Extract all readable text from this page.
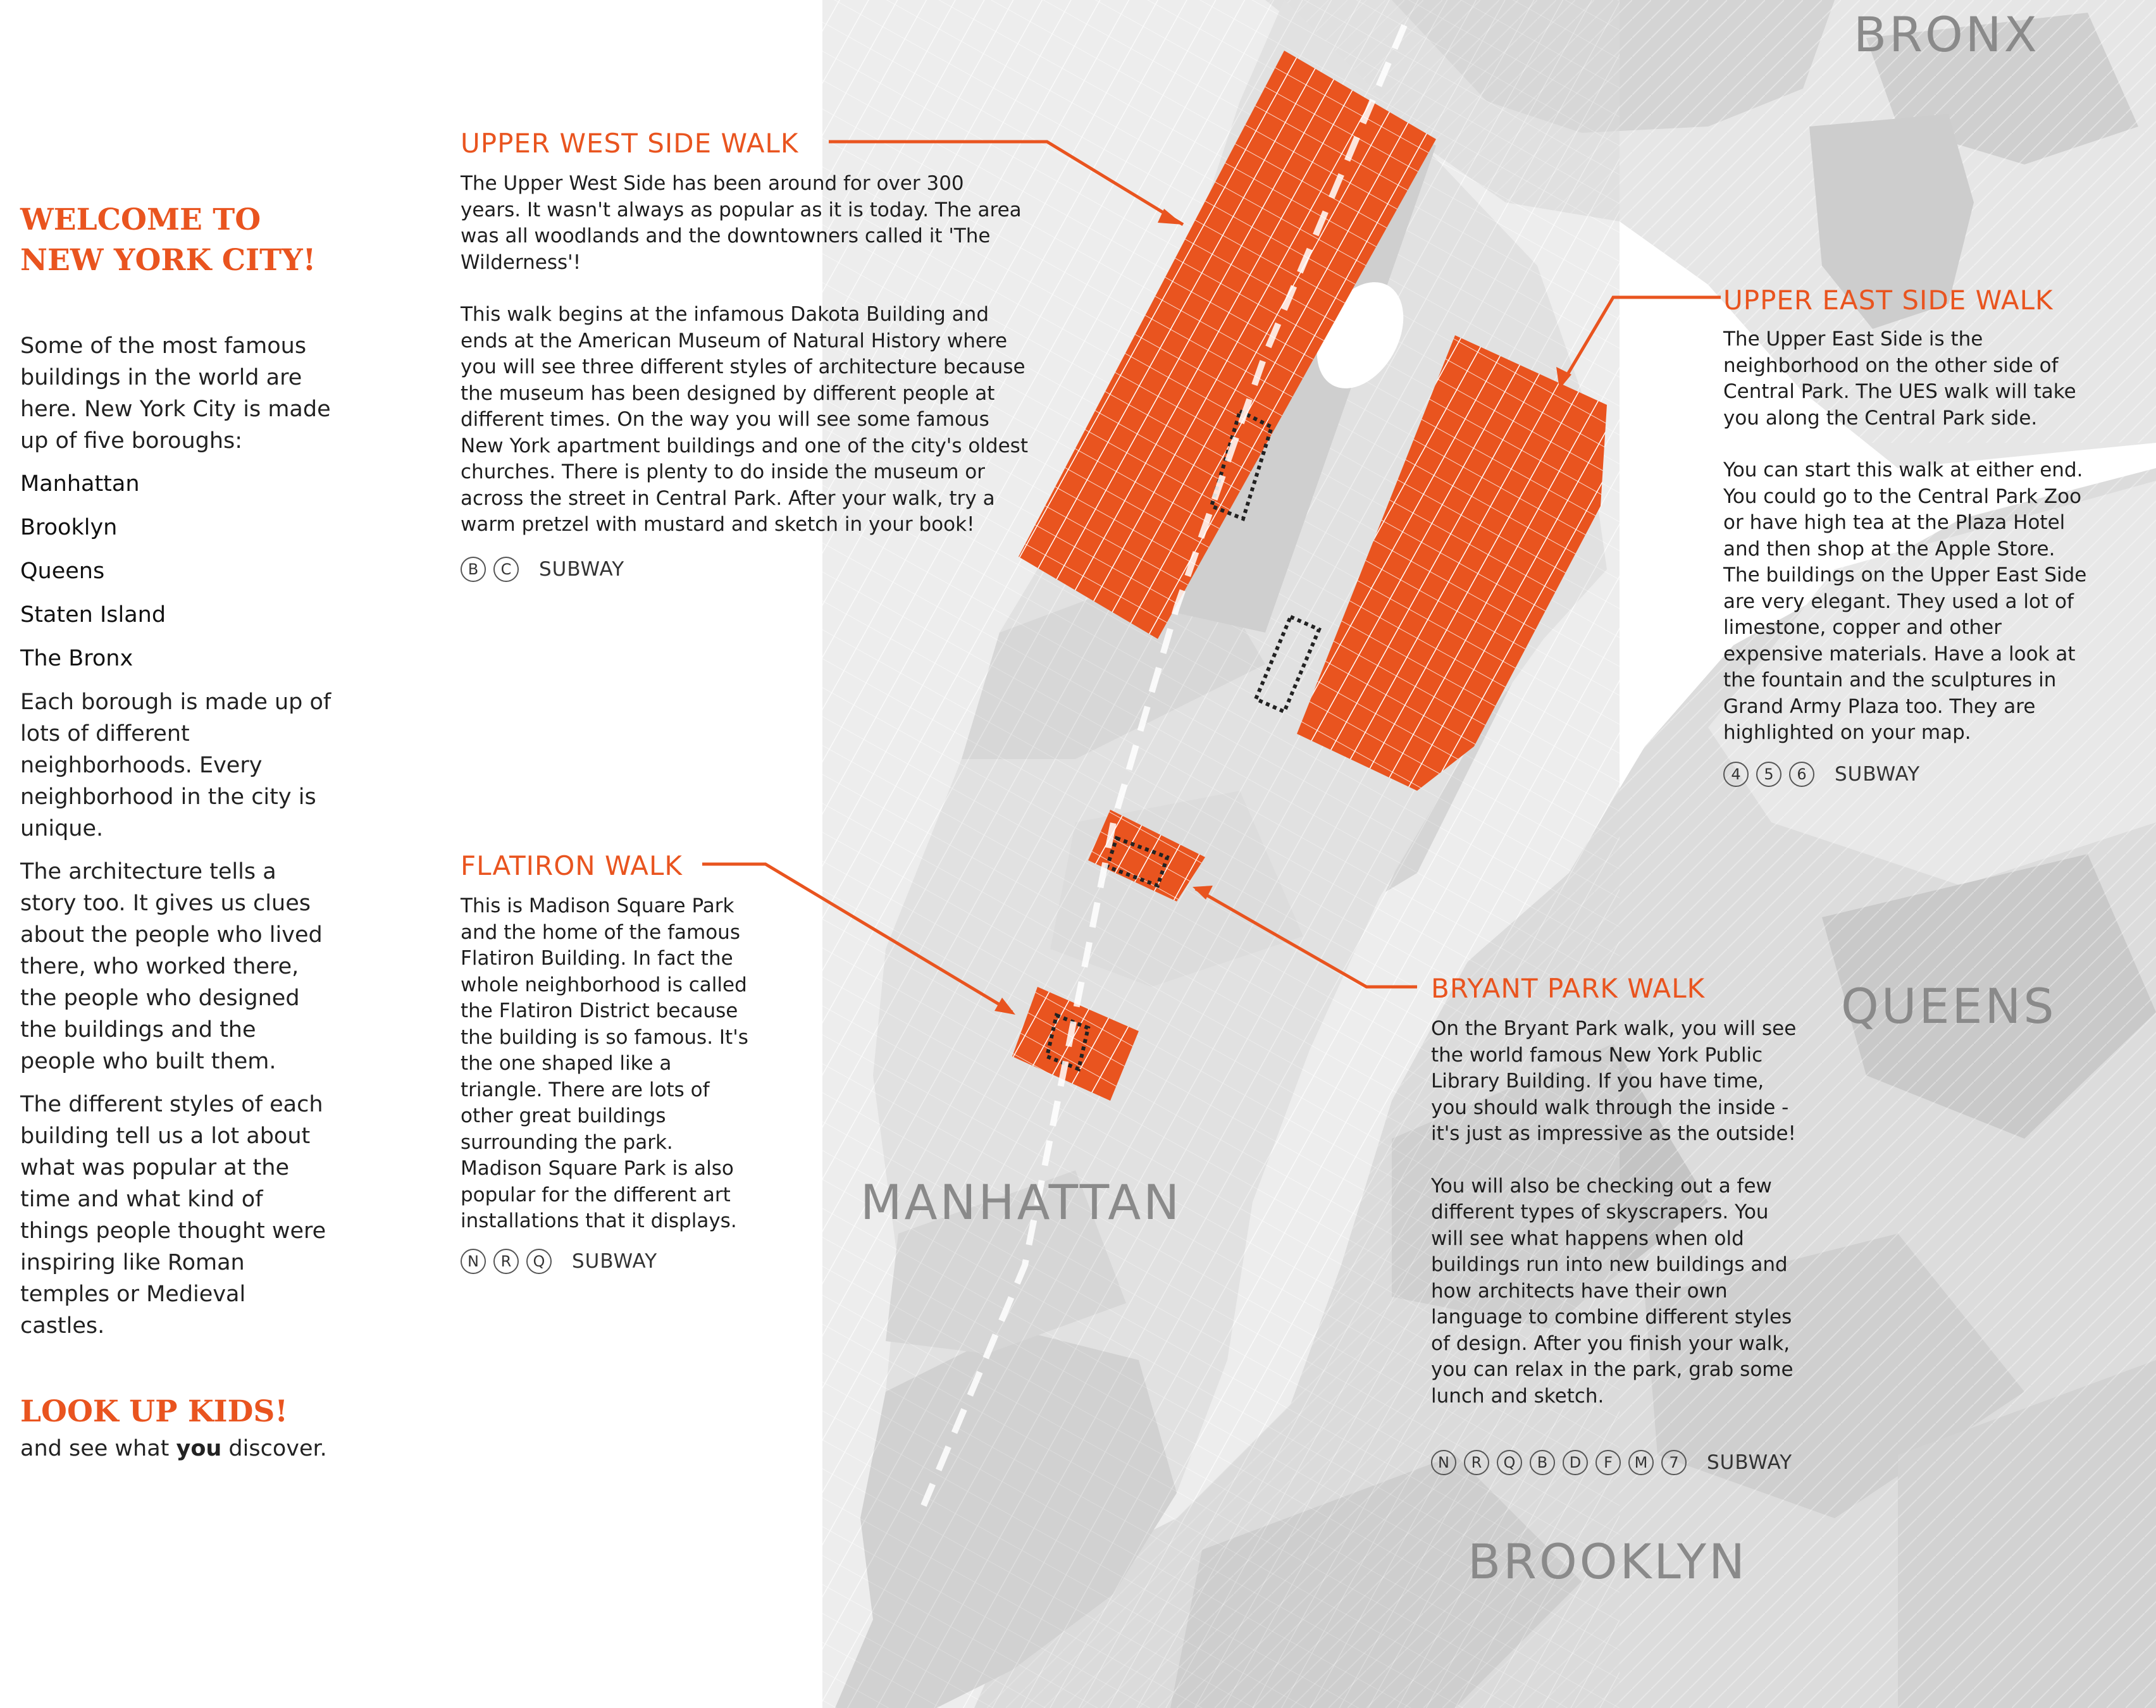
BRONX
QUEENS
MANHATTAN
BROOKLYN
WELCOME TO
NEW YORK CITY!

Some of the most famous buildings in the world are here. New York City is made up of five boroughs:

Manhattan
Brooklyn
Queens
Staten Island
The Bronx

Each borough is made up of lots of different neighborhoods. Every neighborhood in the city is unique.

The architecture tells a story too. It gives us clues about the people who lived there, who worked there, the people who designed the buildings and the people who built them.

The different styles of each building tell us a lot about what was popular at the time and what kind of things people thought were inspiring like Roman temples or Medieval castles.

LOOK UP KIDS!
and see what you discover.
UPPER WEST SIDE WALK

The Upper West Side has been around for over 300 years. It wasn't always as popular as it is today. The area was all woodlands and the downtowners called it 'The Wilderness'!

This walk begins at the infamous Dakota Building and ends at the American Museum of Natural History where you will see three different styles of architecture because the museum has been designed by different people at different times. On the way you will see some famous New York apartment buildings and one of the city's oldest churches. There is plenty to do inside the museum or across the street in Central Park. After your walk, try a warm pretzel with mustard and sketch in your book!

B	C	SUBWAY
UPPER EAST SIDE WALK

The Upper East Side is the neighborhood on the other side of Central Park. The UES walk will take you along the Central Park side.

You can start this walk at either end. You could go to the Central Park Zoo or have high tea at the Plaza Hotel and then shop at the Apple Store. The buildings on the Upper East Side are very elegant. They used a lot of limestone, copper and other expensive materials. Have a look at the fountain and the sculptures in Grand Army Plaza too. They are highlighted on your map.

4	5	6	SUBWAY
FLATIRON WALK

This is Madison Square Park and the home of the famous Flatiron Building. In fact the whole neighborhood is called the Flatiron District because the building is so famous. It's the one shaped like a triangle. There are lots of other great buildings surrounding the park. Madison Square Park is also popular for the different art installations that it displays.

N	R	Q	SUBWAY
BRYANT PARK WALK

On the Bryant Park walk, you will see the world famous New York Public Library Building. If you have time, you should walk through the inside - it's just as impressive as the outside!

You will also be checking out a few different types of skyscrapers. You will see what happens when old buildings run into new buildings and how architects have their own language to combine different styles of design. After you finish your walk, you can relax in the park, grab some lunch and sketch.

N	R	Q	B	D	F	M	7	SUBWAY
